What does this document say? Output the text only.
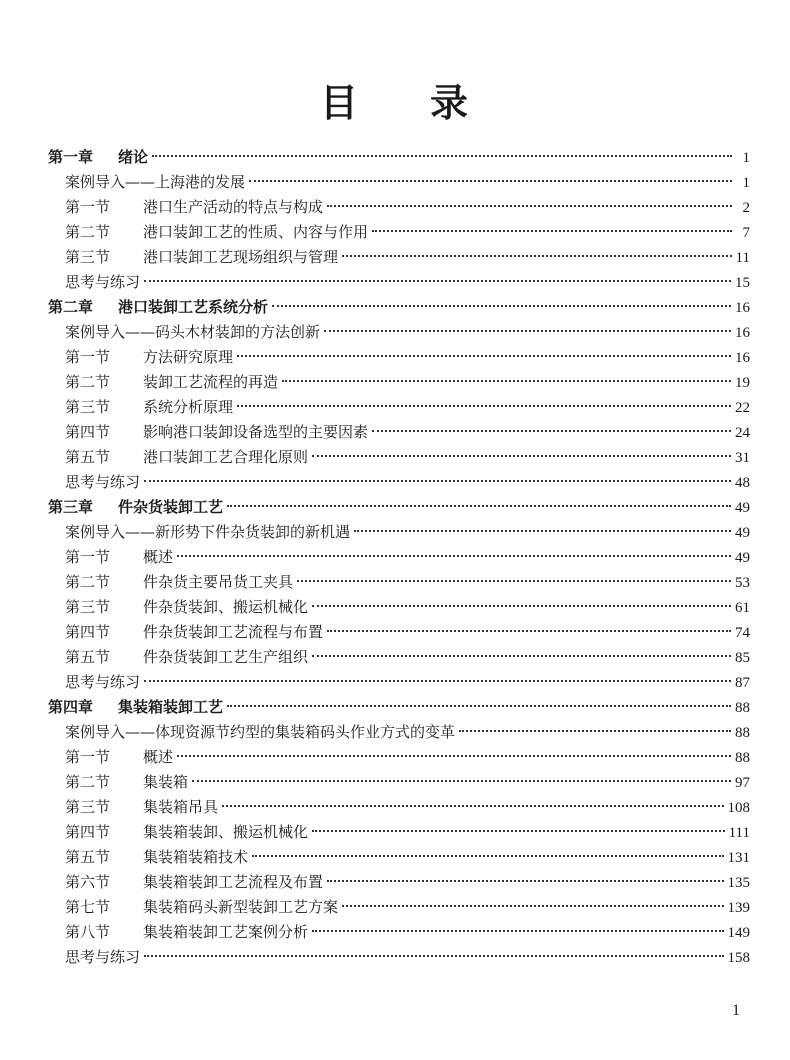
目 录
第一章	绪论	1
案例导入——上海港的发展	1
第一节	港口生产活动的特点与构成	2
第二节	港口装卸工艺的性质、内容与作用	7
第三节	港口装卸工艺现场组织与管理	11
思考与练习	15
第二章	港口装卸工艺系统分析	16
案例导入——码头木材装卸的方法创新	16
第一节	方法研究原理	16
第二节	装卸工艺流程的再造	19
第三节	系统分析原理	22
第四节	影响港口装卸设备选型的主要因素	24
第五节	港口装卸工艺合理化原则	31
思考与练习	48
第三章	件杂货装卸工艺	49
案例导入——新形势下件杂货装卸的新机遇	49
第一节	概述	49
第二节	件杂货主要吊货工夹具	53
第三节	件杂货装卸、搬运机械化	61
第四节	件杂货装卸工艺流程与布置	74
第五节	件杂货装卸工艺生产组织	85
思考与练习	87
第四章	集装箱装卸工艺	88
案例导入——体现资源节约型的集装箱码头作业方式的变革	88
第一节	概述	88
第二节	集装箱	97
第三节	集装箱吊具	108
第四节	集装箱装卸、搬运机械化	111
第五节	集装箱装箱技术	131
第六节	集装箱装卸工艺流程及布置	135
第七节	集装箱码头新型装卸工艺方案	139
第八节	集装箱装卸工艺案例分析	149
思考与练习	158
1
